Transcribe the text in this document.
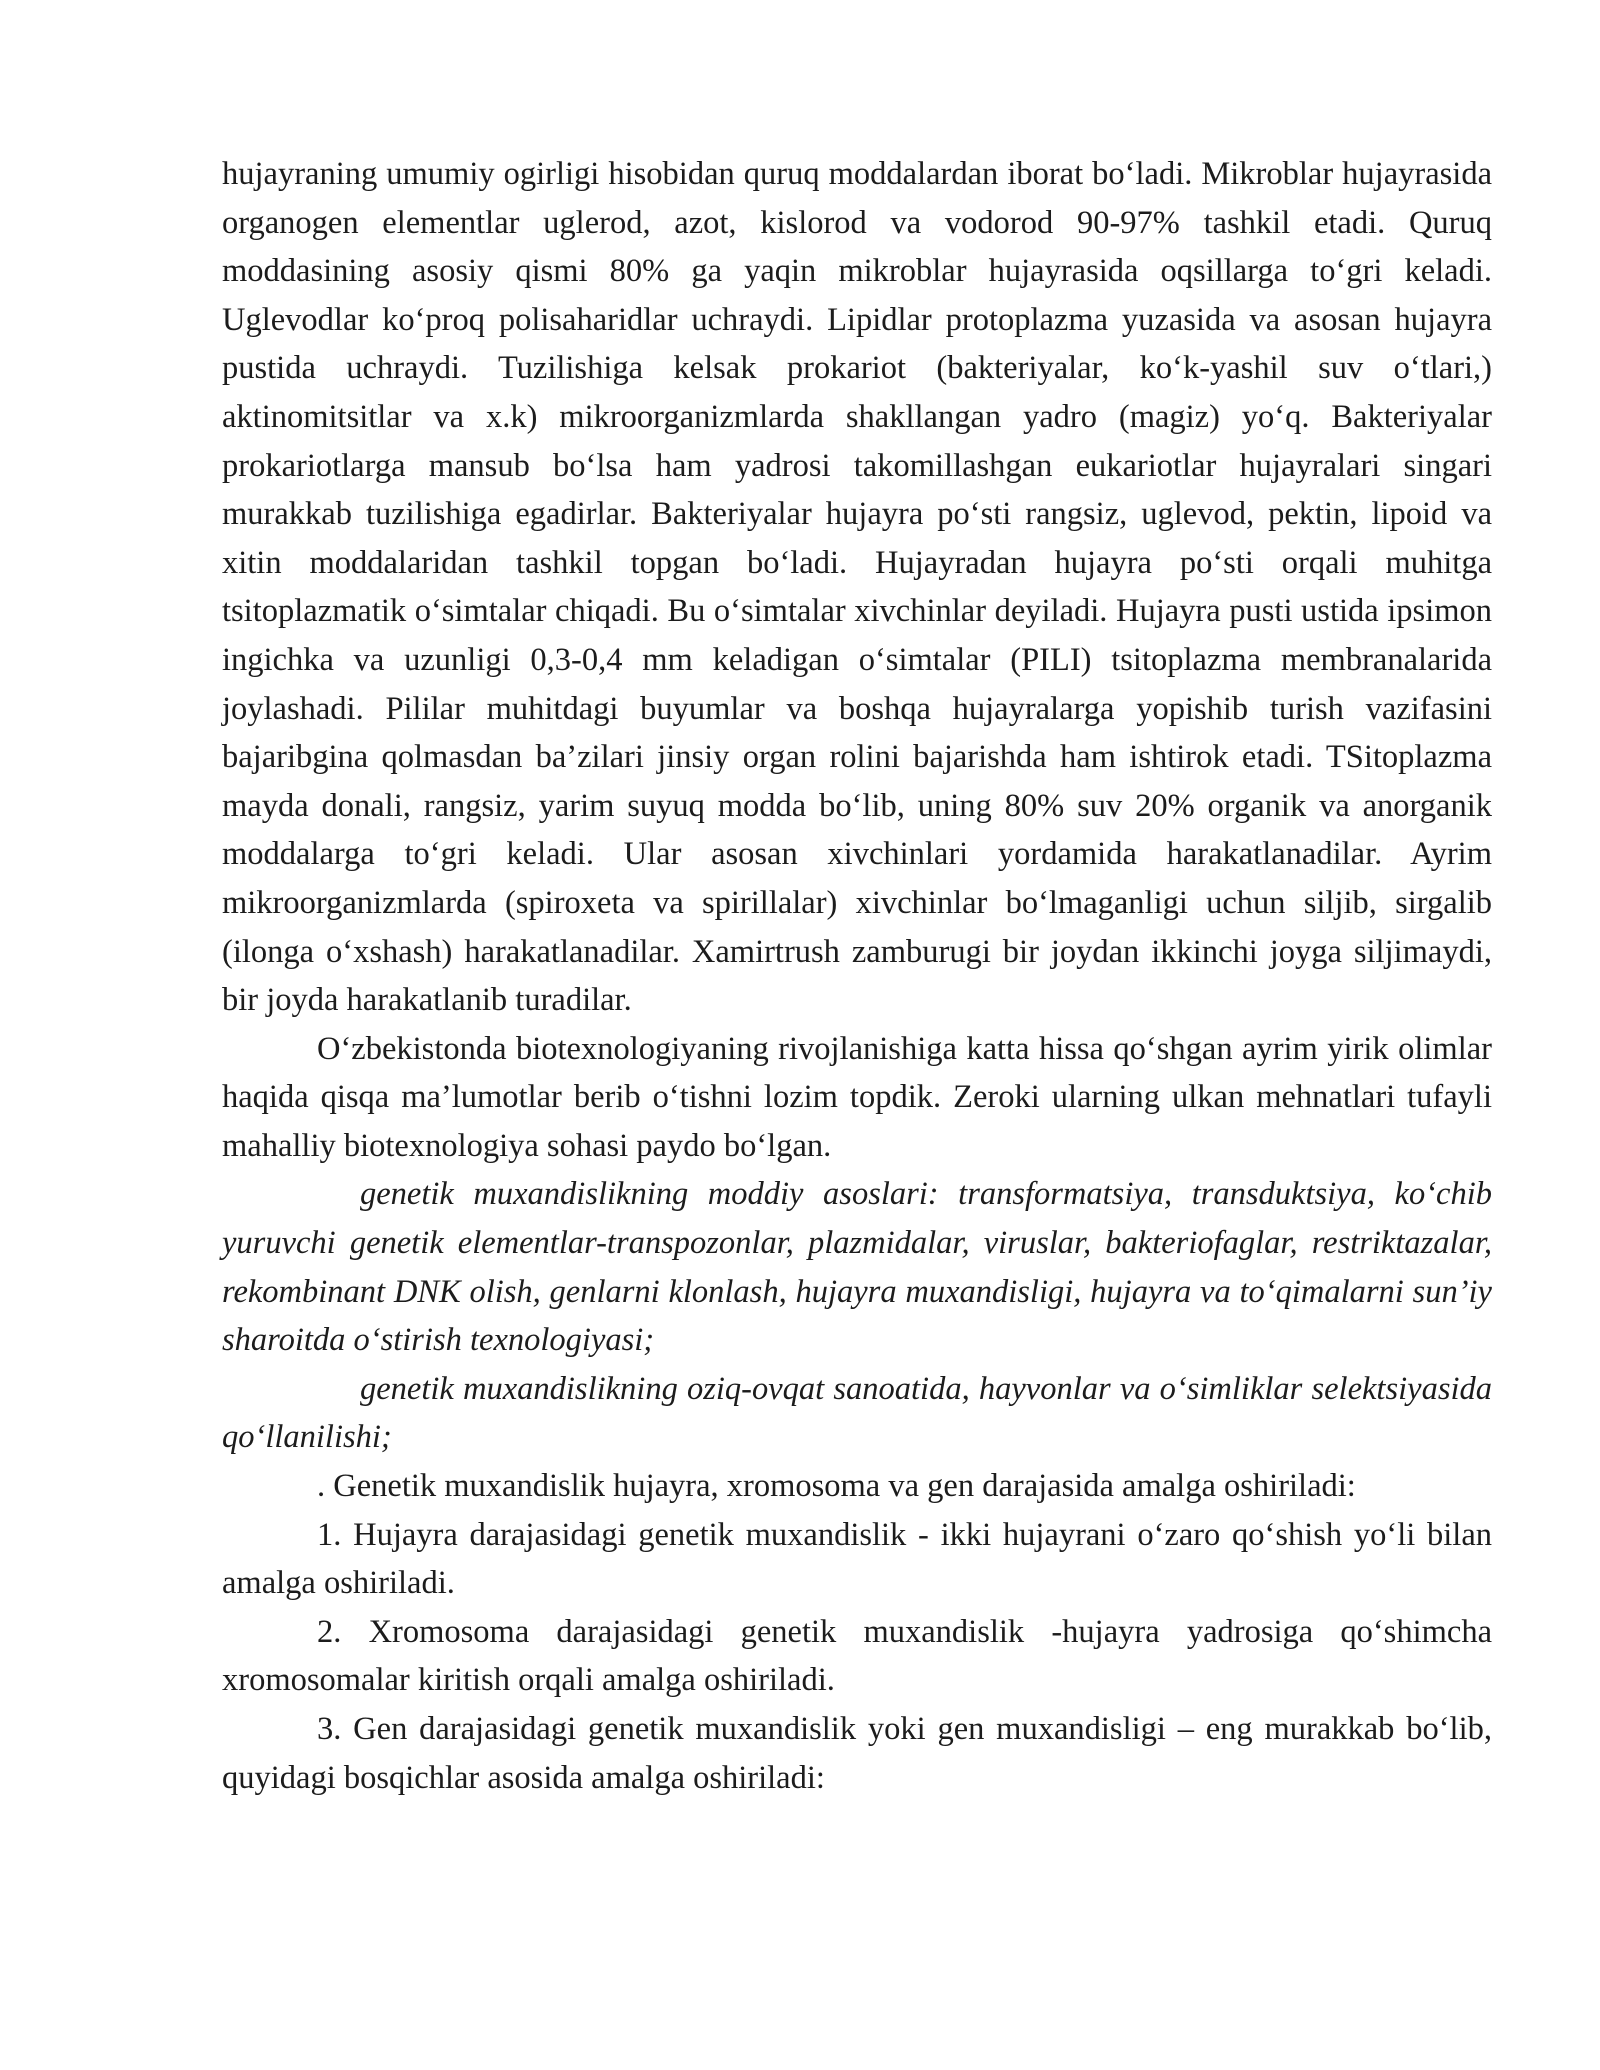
hujayraning umumiy ogirligi hisobidan quruq moddalardan iborat bo‘ladi. Mikroblar hujayrasida organogen elementlar uglerod, azot, kislorod va vodorod 90-97% tashkil etadi. Quruq moddasining asosiy qismi 80% ga yaqin mikroblar hujayrasida oqsillarga to‘gri keladi. Uglevodlar ko‘proq polisaharidlar uchraydi. Lipidlar protoplazma yuzasida va asosan hujayra pustida uchraydi. Tuzilishiga kelsak prokariot (bakteriyalar, ko‘k-yashil suv o‘tlari,) aktinomitsitlar va x.k) mikroorganizmlarda shakllangan yadro (magiz) yo‘q. Bakteriyalar prokariotlarga mansub bo‘lsa ham yadrosi takomillashgan eukariotlar hujayralari singari murakkab tuzilishiga egadirlar. Bakteriyalar hujayra po‘sti rangsiz, uglevod, pektin, lipoid va xitin moddalaridan tashkil topgan bo‘ladi. Hujayradan hujayra po‘sti orqali muhitga tsitoplazmatik o‘simtalar chiqadi. Bu o‘simtalar xivchinlar deyiladi. Hujayra pusti ustida ipsimon ingichka va uzunligi 0,3-0,4 mm keladigan o‘simtalar (PILI) tsitoplazma membranalarida joylashadi. Pililar muhitdagi buyumlar va boshqa hujayralarga yopishib turish vazifasini bajaribgina qolmasdan ba’zilari jinsiy organ rolini bajarishda ham ishtirok etadi. TSitoplazma mayda donali, rangsiz, yarim suyuq modda bo‘lib, uning 80% suv 20% organik va anorganik moddalarga to‘gri keladi. Ular asosan xivchinlari yordamida harakatlanadilar. Ayrim mikroorganizmlarda (spiroxeta va spirillalar) xivchinlar bo‘lmaganligi uchun siljib, sirgalib (ilonga o‘xshash) harakatlanadilar. Xamirtrush zamburugi bir joydan ikkinchi joyga siljimaydi, bir joyda harakatlanib turadilar.

O‘zbekistonda biotexnologiyaning rivojlanishiga katta hissa qo‘shgan ayrim yirik olimlar haqida qisqa ma’lumotlar berib o‘tishni lozim topdik. Zeroki ularning ulkan mehnatlari tufayli mahalliy biotexnologiya sohasi paydo bo‘lgan.

genetik muxandislikning moddiy asoslari: transformatsiya, transduktsiya, ko‘chib yuruvchi genetik elementlar-transpozonlar, plazmidalar, viruslar, bakteriofaglar, restriktazalar, rekombinant DNK olish, genlarni klonlash, hujayra muxandisligi, hujayra va to‘qimalarni sun’iy sharoitda o‘stirish texnologiyasi;

genetik muxandislikning oziq-ovqat sanoatida, hayvonlar va o‘simliklar selektsiyasida qo‘llanilishi;

. Genetik muxandislik hujayra, xromosoma va gen darajasida amalga oshiriladi:

1. Hujayra darajasidagi genetik muxandislik - ikki hujayrani o‘zaro qo‘shish yo‘li bilan amalga oshiriladi.

2. Xromosoma darajasidagi genetik muxandislik -hujayra yadrosiga qo‘shimcha xromosomalar kiritish orqali amalga oshiriladi.

3. Gen darajasidagi genetik muxandislik yoki gen muxandisligi – eng murakkab bo‘lib, quyidagi bosqichlar asosida amalga oshiriladi:
